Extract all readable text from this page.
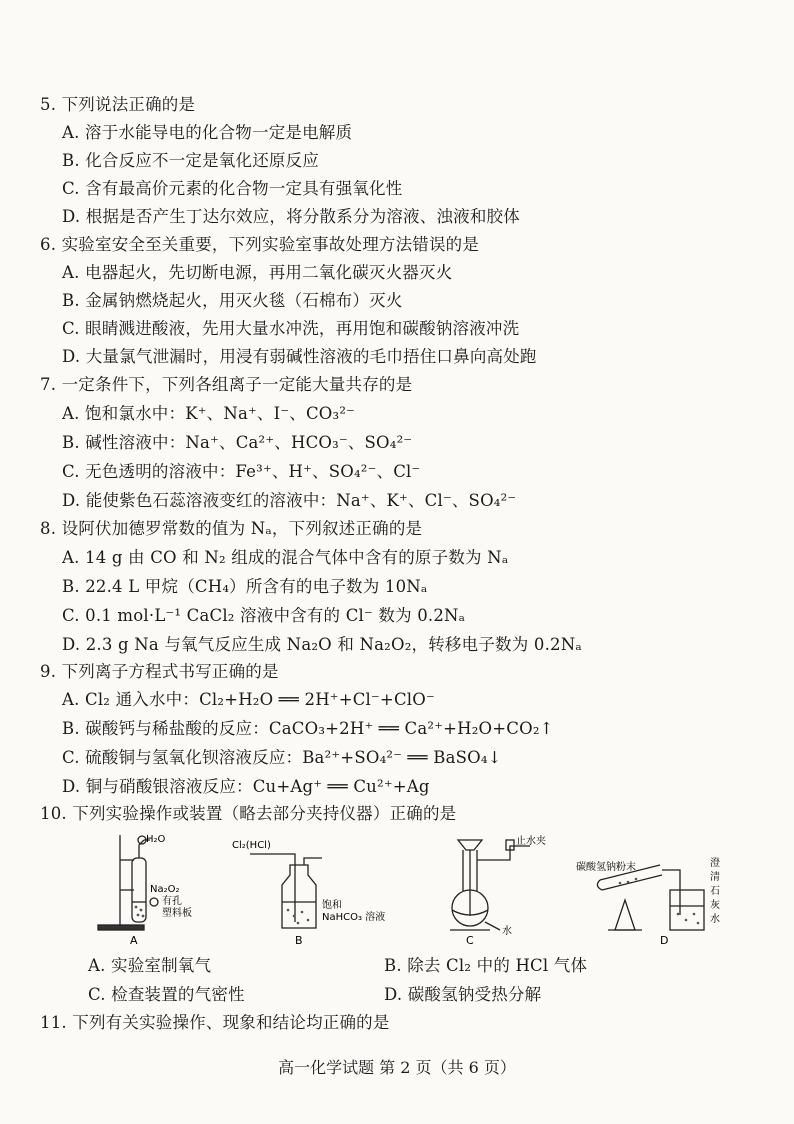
5. 下列说法正确的是
A. 溶于水能导电的化合物一定是电解质
B. 化合反应不一定是氧化还原反应
C. 含有最高价元素的化合物一定具有强氧化性
D. 根据是否产生丁达尔效应，将分散系分为溶液、浊液和胶体
6. 实验室安全至关重要，下列实验室事故处理方法错误的是
A. 电器起火，先切断电源，再用二氧化碳灭火器灭火
B. 金属钠燃烧起火，用灭火毯（石棉布）灭火
C. 眼睛溅进酸液，先用大量水冲洗，再用饱和碳酸钠溶液冲洗
D. 大量氯气泄漏时，用浸有弱碱性溶液的毛巾捂住口鼻向高处跑
7. 一定条件下，下列各组离子一定能大量共存的是
A. 饱和氯水中：K⁺、Na⁺、I⁻、CO₃²⁻
B. 碱性溶液中：Na⁺、Ca²⁺、HCO₃⁻、SO₄²⁻
C. 无色透明的溶液中：Fe³⁺、H⁺、SO₄²⁻、Cl⁻
D. 能使紫色石蕊溶液变红的溶液中：Na⁺、K⁺、Cl⁻、SO₄²⁻
8. 设阿伏加德罗常数的值为 Nₐ，下列叙述正确的是
A. 14 g 由 CO 和 N₂ 组成的混合气体中含有的原子数为 Nₐ
B. 22.4 L 甲烷（CH₄）所含有的电子数为 10Nₐ
C. 0.1 mol·L⁻¹ CaCl₂ 溶液中含有的 Cl⁻ 数为 0.2Nₐ
D. 2.3 g Na 与氧气反应生成 Na₂O 和 Na₂O₂，转移电子数为 0.2Nₐ
9. 下列离子方程式书写正确的是
A. Cl₂ 通入水中：Cl₂+H₂O ══ 2H⁺+Cl⁻+ClO⁻
B. 碳酸钙与稀盐酸的反应：CaCO₃+2H⁺ ══ Ca²⁺+H₂O+CO₂↑
C. 硫酸铜与氢氧化钡溶液反应：Ba²⁺+SO₄²⁻ ══ BaSO₄↓
D. 铜与硝酸银溶液反应：Cu+Ag⁺ ══ Cu²⁺+Ag
10. 下列实验操作或装置（略去部分夹持仪器）正确的是
H₂O
Na₂O₂
有孔
塑料板
A
Cl₂(HCl)
饱和
NaHCO₃ 溶液
B
止水夹
水
C
碳酸氢钠粉末	澄
清
石
灰
水
D
A. 实验室制氧气	B. 除去 Cl₂ 中的 HCl 气体
C. 检查装置的气密性	D. 碳酸氢钠受热分解
11. 下列有关实验操作、现象和结论均正确的是
高一化学试题 第 2 页（共 6 页）
